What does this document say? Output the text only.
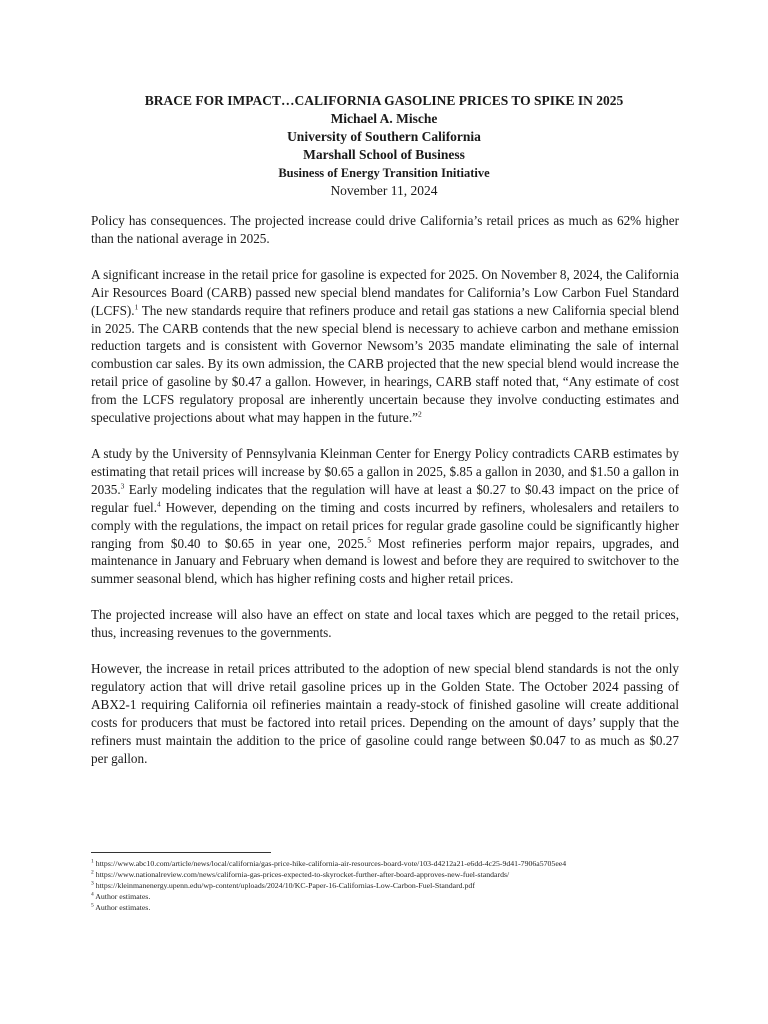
BRACE FOR IMPACT…CALIFORNIA GASOLINE PRICES TO SPIKE IN 2025

Michael A. Mische

University of Southern California

Marshall School of Business

Business of Energy Transition Initiative

November 11, 2024

Policy has consequences. The projected increase could drive California’s retail prices as much as 62% higher than the national average in 2025.

A significant increase in the retail price for gasoline is expected for 2025. On November 8, 2024, the California Air Resources Board (CARB) passed new special blend mandates for California’s Low Carbon Fuel Standard (LCFS).$^1$ The new standards require that refiners produce and retail gas stations a new California special blend in 2025. The CARB contends that the new special blend is necessary to achieve carbon and methane emission reduction targets and is consistent with Governor Newsom’s 2035 mandate eliminating the sale of internal combustion car sales. By its own admission, the CARB projected that the new special blend would increase the retail price of gasoline by $0.47 a gallon. However, in hearings, CARB staff noted that, “Any estimate of cost from the LCFS regulatory proposal are inherently uncertain because they involve conducting estimates and speculative projections about what may happen in the future.”$^2$

A study by the University of Pennsylvania Kleinman Center for Energy Policy contradicts CARB estimates by estimating that retail prices will increase by $0.65 a gallon in 2025, $.85 a gallon in 2030, and $1.50 a gallon in 2035.$^3$ Early modeling indicates that the regulation will have at least a $0.27 to $0.43 impact on the price of regular fuel.$^4$ However, depending on the timing and costs incurred by refiners, wholesalers and retailers to comply with the regulations, the impact on retail prices for regular grade gasoline could be significantly higher ranging from $0.40 to $0.65 in year one, 2025.$^5$ Most refineries perform major repairs, upgrades, and maintenance in January and February when demand is lowest and before they are required to switchover to the summer seasonal blend, which has higher refining costs and higher retail prices.

The projected increase will also have an effect on state and local taxes which are pegged to the retail prices, thus, increasing revenues to the governments.

However, the increase in retail prices attributed to the adoption of new special blend standards is not the only regulatory action that will drive retail gasoline prices up in the Golden State. The October 2024 passing of ABX2-1 requiring California oil refineries maintain a ready-stock of finished gasoline will create additional costs for producers that must be factored into retail prices. Depending on the amount of days’ supply that the refiners must maintain the addition to the price of gasoline could range between $0.047 to as much as $0.27 per gallon.

$^1$ https://www.abc10.com/article/news/local/california/gas-price-hike-california-air-resources-board-vote/103-d4212a21-e6dd-4c25-9d41-7906a5705ee4

$^2$ https://www.nationalreview.com/news/california-gas-prices-expected-to-skyrocket-further-after-board-approves-new-fuel-standards/

$^3$ https://kleinmanenergy.upenn.edu/wp-content/uploads/2024/10/KC-Paper-16-Californias-Low-Carbon-Fuel-Standard.pdf

$^4$ Author estimates.

$^5$ Author estimates.
